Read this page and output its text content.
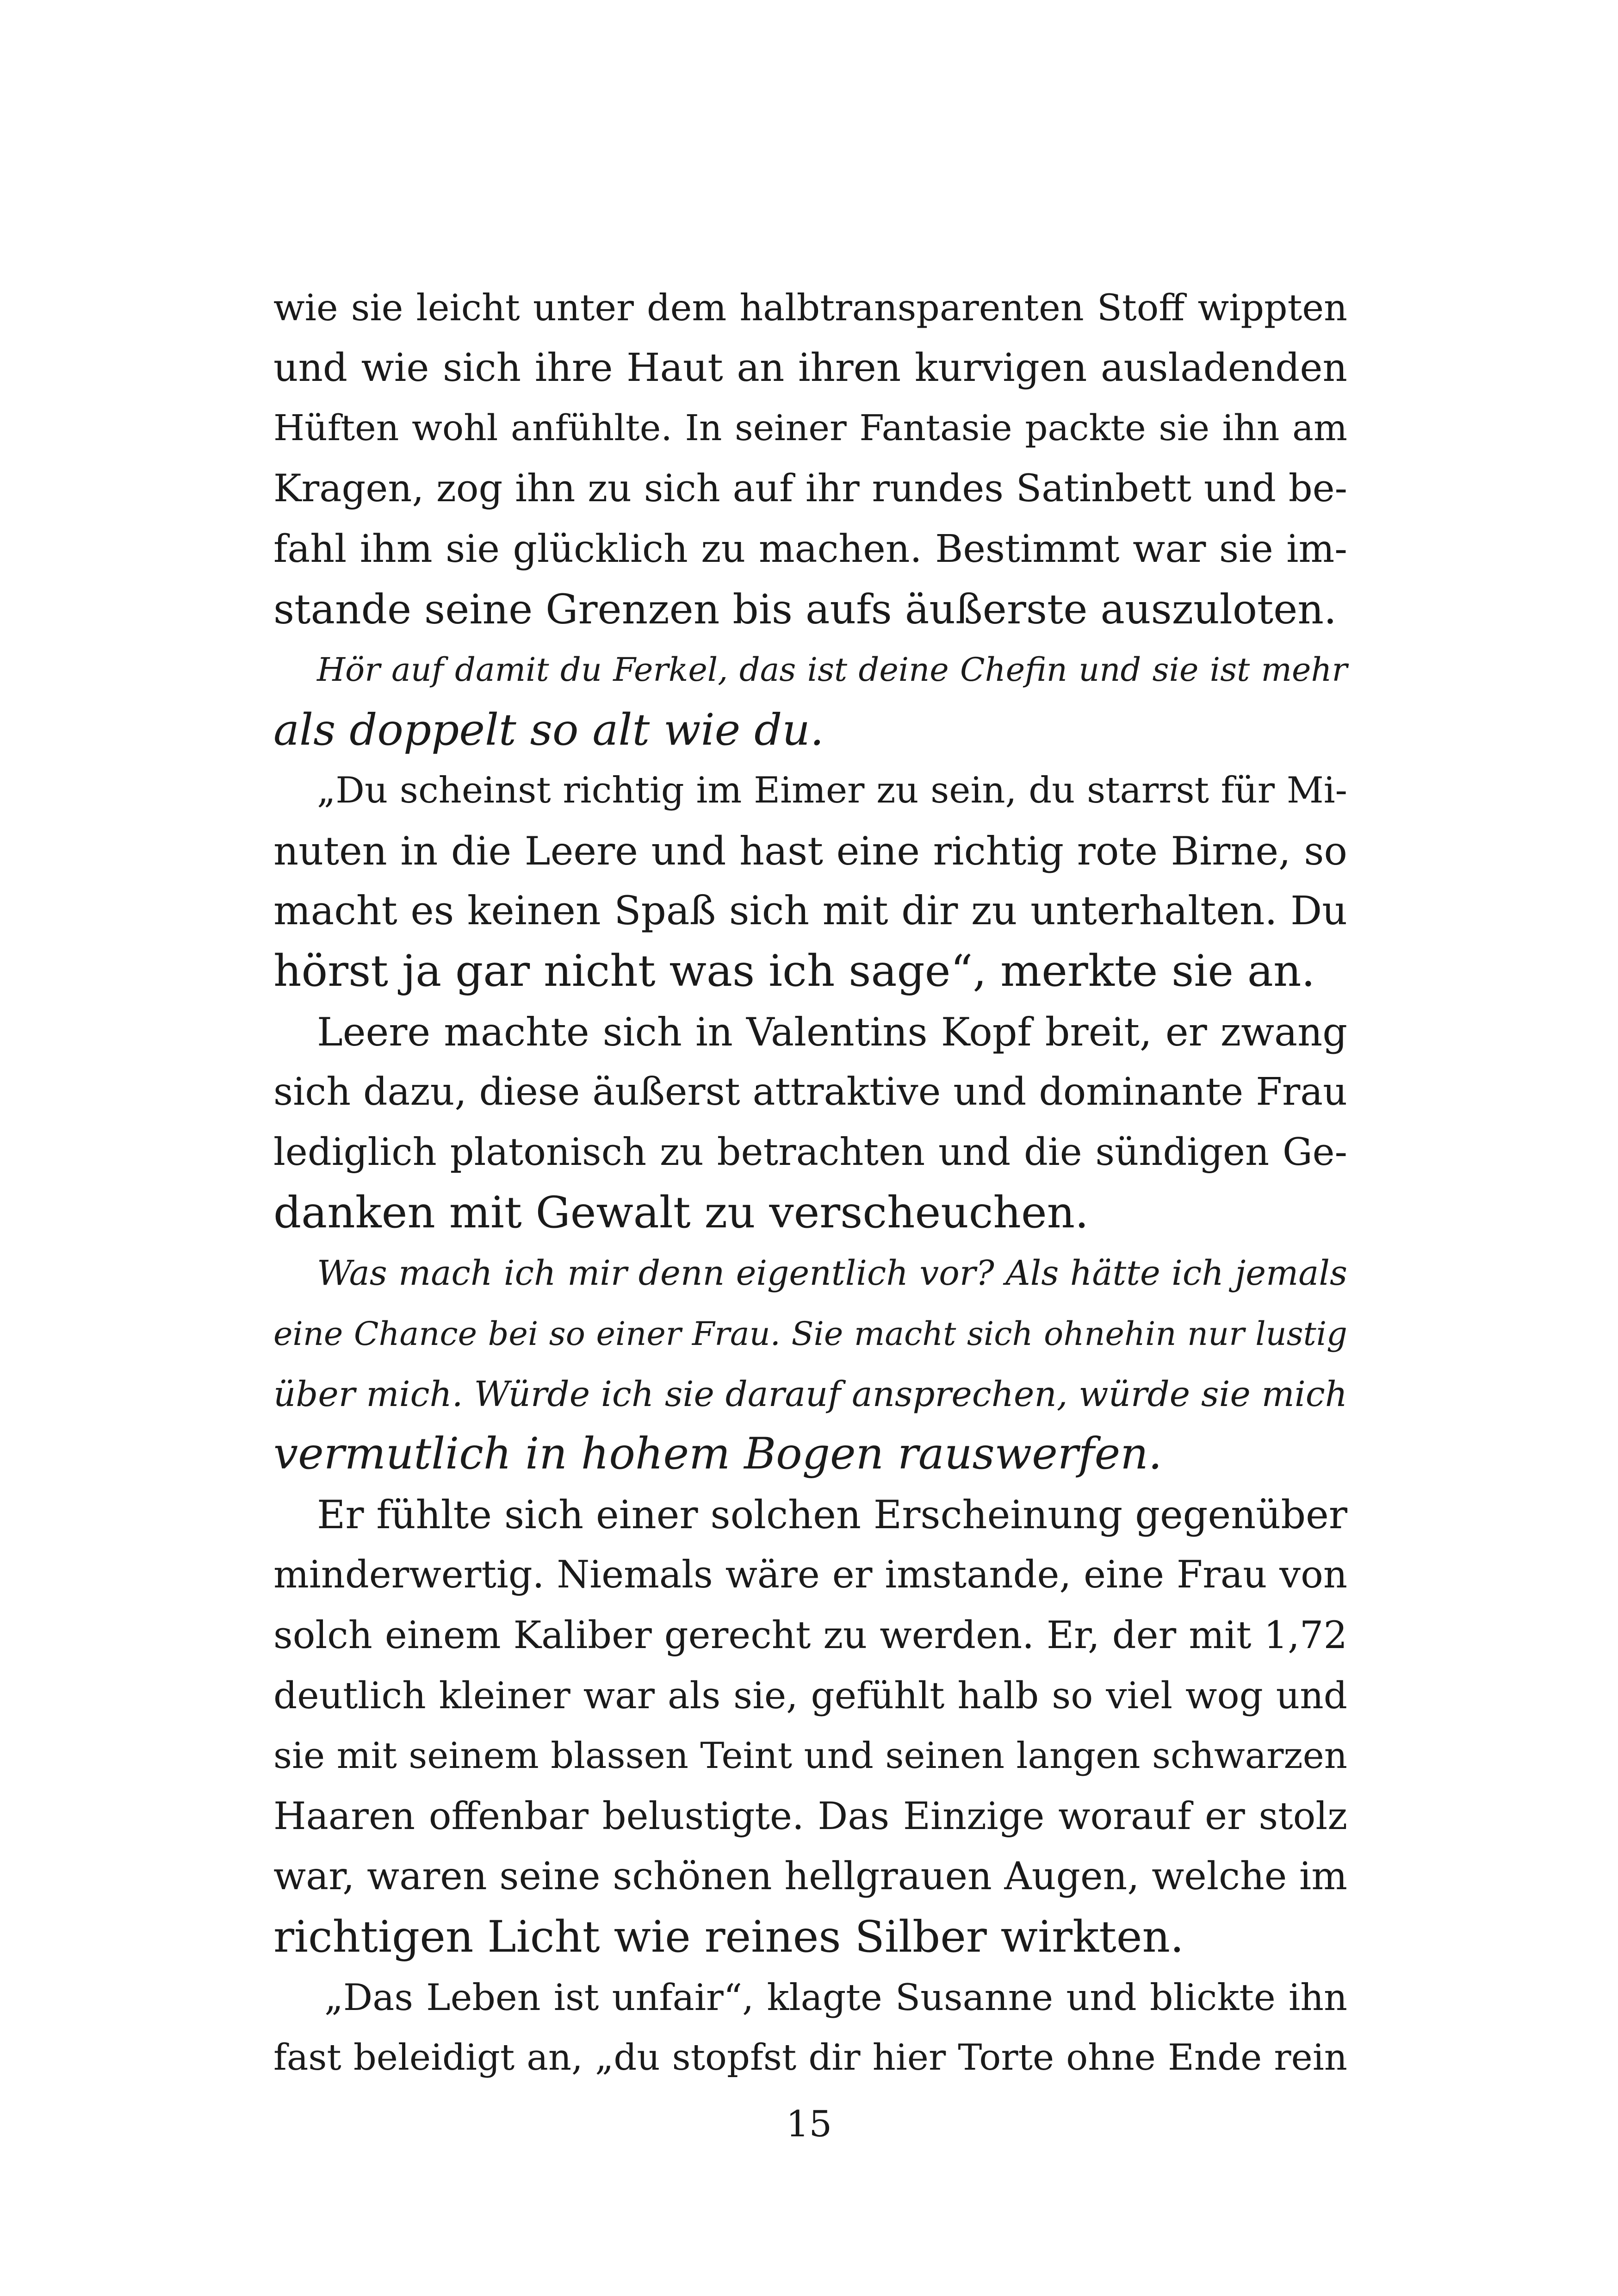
wie sie leicht unter dem halbtransparenten Stoff wippten
und wie sich ihre Haut an ihren kurvigen ausladenden
Hüften wohl anfühlte. In seiner Fantasie packte sie ihn am
Kragen, zog ihn zu sich auf ihr rundes Satinbett und be-
fahl ihm sie glücklich zu machen. Bestimmt war sie im-
stande seine Grenzen bis aufs äußerste auszuloten.
Hör auf damit du Ferkel, das ist deine Chefin und sie ist mehr
als doppelt so alt wie du.
„Du scheinst richtig im Eimer zu sein, du starrst für Mi-
nuten in die Leere und hast eine richtig rote Birne, so
macht es keinen Spaß sich mit dir zu unterhalten. Du
hörst ja gar nicht was ich sage“, merkte sie an.
Leere machte sich in Valentins Kopf breit, er zwang
sich dazu, diese äußerst attraktive und dominante Frau
lediglich platonisch zu betrachten und die sündigen Ge-
danken mit Gewalt zu verscheuchen.
Was mach ich mir denn eigentlich vor? Als hätte ich jemals
eine Chance bei so einer Frau. Sie macht sich ohnehin nur lustig
über mich. Würde ich sie darauf ansprechen, würde sie mich
vermutlich in hohem Bogen rauswerfen.
Er fühlte sich einer solchen Erscheinung gegenüber
minderwertig. Niemals wäre er imstande, eine Frau von
solch einem Kaliber gerecht zu werden. Er, der mit 1,72
deutlich kleiner war als sie, gefühlt halb so viel wog und
sie mit seinem blassen Teint und seinen langen schwarzen
Haaren offenbar belustigte. Das Einzige worauf er stolz
war, waren seine schönen hellgrauen Augen, welche im
richtigen Licht wie reines Silber wirkten.
„Das Leben ist unfair“, klagte Susanne und blickte ihn
fast beleidigt an, „du stopfst dir hier Torte ohne Ende rein
15
